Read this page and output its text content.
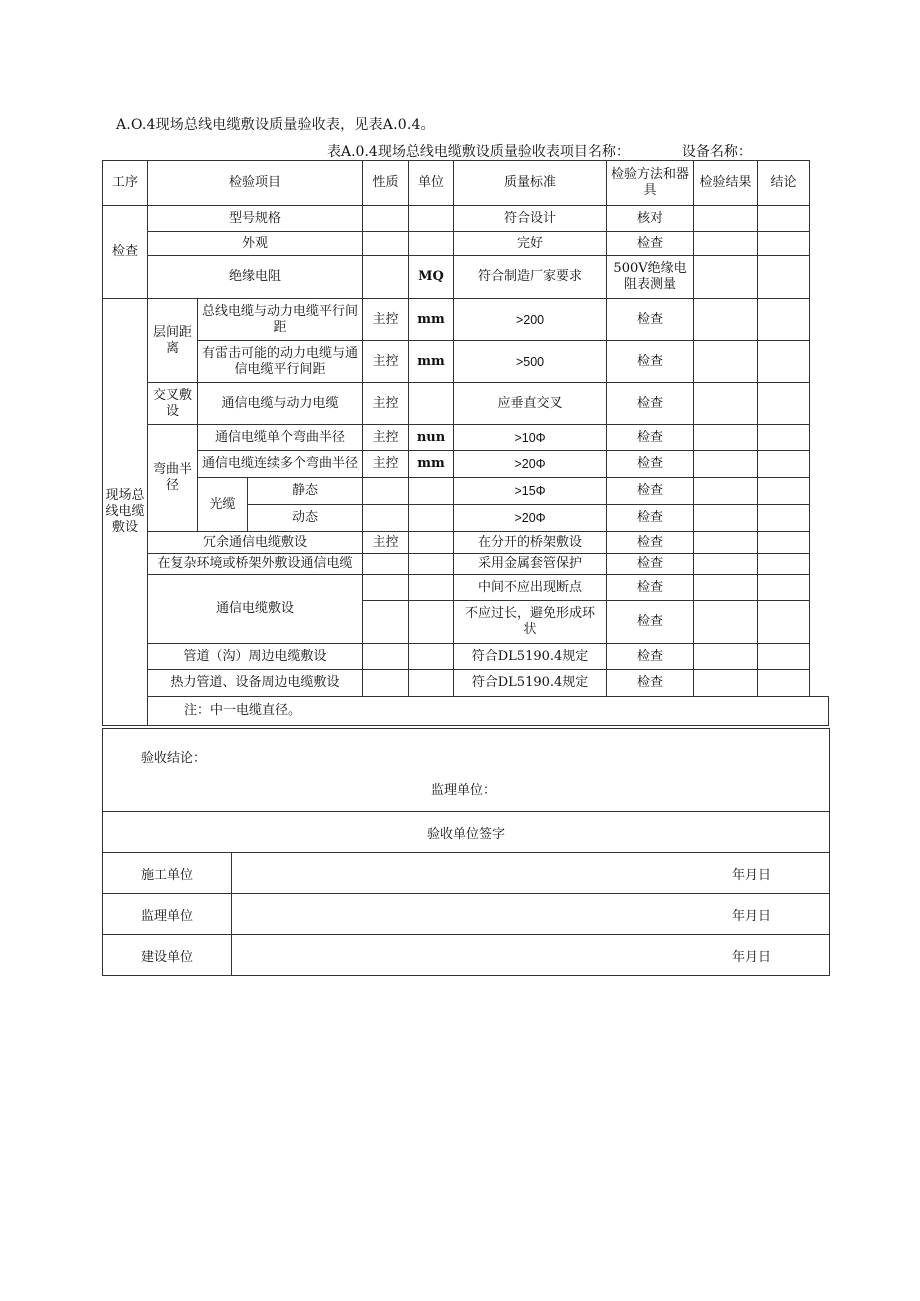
A.O.4现场总线电缆敷设质量验收表，见表A.0.4。
表A.0.4现场总线电缆敷设质量验收表项目名称：	设备名称：
工序	检验项目			性质	单位	质量标准	检验方法和器具	检验结果	结论
检查	型号规格					符合设计	核对		
	外观					完好	检查		
	绝缘电阻				MQ	符合制造厂家要求	500V绝缘电阻表测量		
现场总线电缆敷设	层间距离	总线电缆与动力电缆平行间距		主控	mm	>200	检查		
		有雷击可能的动力电缆与通信电缆平行间距		主控	mm	>500	检查		
	交叉敷设	通信电缆与动力电缆		主控		应垂直交叉	检查		
	弯曲半径	通信电缆单个弯曲半径		主控	nun	>10Φ	检查		
		通信电缆连续多个弯曲半径		主控	mm	>20Φ	检查		
		光缆	静态			>15Φ	检查		
			动态			>20Φ	检查		
	冗余通信电缆敷设			主控		在分开的桥架敷设	检查		
	在复杂环境或桥架外敷设通信电缆					采用金属套管保护	检查		
	通信电缆敷设					中间不应出现断点	检查		
						不应过长，避免形成环状	检查		
	管道（沟）周边电缆敷设					符合DL5190.4规定	检查		
	热力管道、设备周边电缆敷设					符合DL5190.4规定	检查		
	注：中一电缆直径。								
验收结论：
监理单位：	

验收单位签字	
施工单位	年月日
监理单位	年月日
建设单位	年月日
